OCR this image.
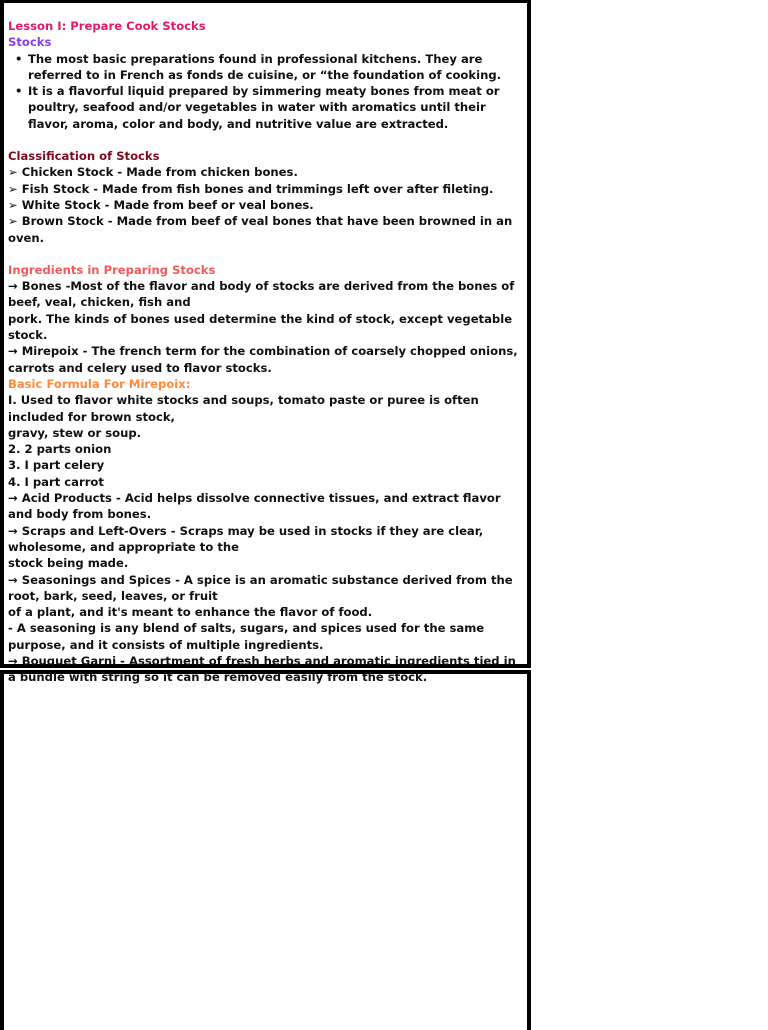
Lesson I: Prepare Cook Stocks

Stocks

• The most basic preparations found in professional kitchens. They are referred to in French as fonds de cuisine, or “the foundation of cooking.
• It is a flavorful liquid prepared by simmering meaty bones from meat or poultry, seafood and/or vegetables in water with aromatics until their flavor, aroma, color and body, and nutritive value are extracted.

Classification of Stocks

➢ Chicken Stock - Made from chicken bones.

➢ Fish Stock - Made from fish bones and trimmings left over after fileting.

➢ White Stock - Made from beef or veal bones.

➢ Brown Stock - Made from beef of veal bones that have been browned in an oven.

Ingredients in Preparing Stocks

→ Bones -Most of the flavor and body of stocks are derived from the bones of beef, veal, chicken, fish and

pork. The kinds of bones used determine the kind of stock, except vegetable stock.

→ Mirepoix - The french term for the combination of coarsely chopped onions, carrots and celery used to flavor stocks.

Basic Formula For Mirepoix:

I. Used to flavor white stocks and soups, tomato paste or puree is often included for brown stock,

gravy, stew or soup.

2. 2 parts onion

3. I part celery

4. I part carrot

→ Acid Products - Acid helps dissolve connective tissues, and extract flavor and body from bones.

→ Scraps and Left-Overs - Scraps may be used in stocks if they are clear, wholesome, and appropriate to the

stock being made.

→ Seasonings and Spices - A spice is an aromatic substance derived from the root, bark, seed, leaves, or fruit

of a plant, and it's meant to enhance the flavor of food.

- A seasoning is any blend of salts, sugars, and spices used for the same purpose, and it consists of multiple ingredients.

→ Bouquet Garni - Assortment of fresh herbs and aromatic ingredients tied in a bundle with string so it can be removed easily from the stock.
